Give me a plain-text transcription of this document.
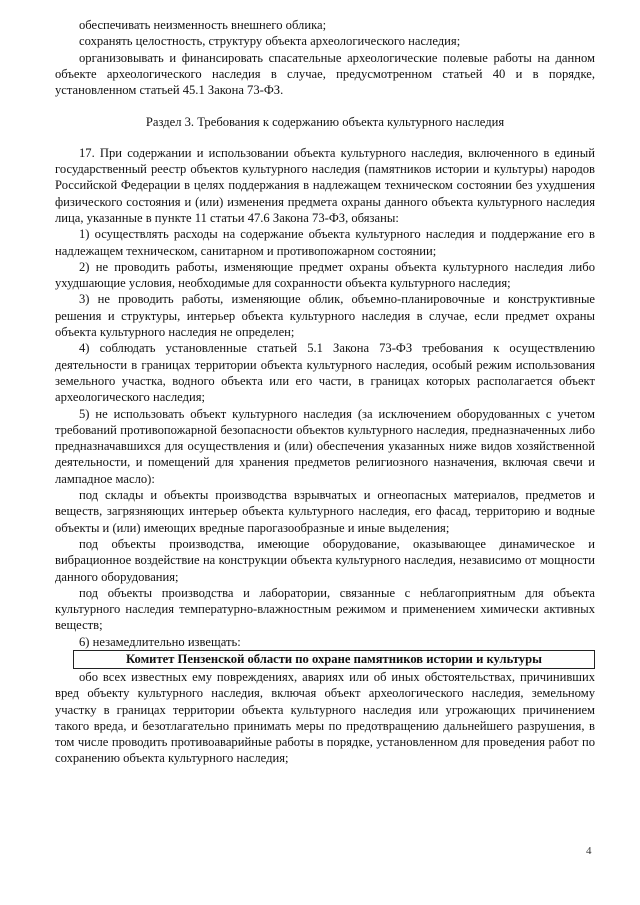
обеспечивать неизменность внешнего облика;

сохранять целостность, структуру объекта археологического наследия;

организовывать и финансировать спасательные археологические полевые работы на данном объекте археологического наследия в случае, предусмотренном статьей 40 и в порядке, установленном статьей 45.1 Закона 73-ФЗ.

Раздел 3. Требования к содержанию объекта культурного наследия

17. При содержании и использовании объекта культурного наследия, включенного в единый государственный реестр объектов культурного наследия (памятников истории и культуры) народов Российской Федерации в целях поддержания в надлежащем техническом состоянии без ухудшения физического состояния и (или) изменения предмета охраны данного объекта культурного наследия лица, указанные в пункте 11 статьи 47.6 Закона 73-ФЗ, обязаны:

1) осуществлять расходы на содержание объекта культурного наследия и поддержание его в надлежащем техническом, санитарном и противопожарном состоянии;

2) не проводить работы, изменяющие предмет охраны объекта культурного наследия либо ухудшающие условия, необходимые для сохранности объекта культурного наследия;

3) не проводить работы, изменяющие облик, объемно-планировочные и конструктивные решения и структуры, интерьер объекта культурного наследия в случае, если предмет охраны объекта культурного наследия не определен;

4) соблюдать установленные статьей 5.1 Закона 73-ФЗ требования к осуществлению деятельности в границах территории объекта культурного наследия, особый режим использования земельного участка, водного объекта или его части, в границах которых располагается объект археологического наследия;

5) не использовать объект культурного наследия (за исключением оборудованных с учетом требований противопожарной безопасности объектов культурного наследия, предназначенных либо предназначавшихся для осуществления и (или) обеспечения указанных ниже видов хозяйственной деятельности, и помещений для хранения предметов религиозного назначения, включая свечи и лампадное масло):

под склады и объекты производства взрывчатых и огнеопасных материалов, предметов и веществ, загрязняющих интерьер объекта культурного наследия, его фасад, территорию и водные объекты и (или) имеющих вредные парогазообразные и иные выделения;

под объекты производства, имеющие оборудование, оказывающее динамическое и вибрационное воздействие на конструкции объекта культурного наследия, независимо от мощности данного оборудования;

под объекты производства и лаборатории, связанные с неблагоприятным для объекта культурного наследия температурно-влажностным режимом и применением химически активных веществ;

6) незамедлительно извещать:

Комитет Пензенской области по охране памятников истории и культуры

обо всех известных ему повреждениях, авариях или об иных обстоятельствах, причинивших вред объекту культурного наследия, включая объект археологического наследия, земельному участку в границах территории объекта культурного наследия или угрожающих причинением такого вреда, и безотлагательно принимать меры по предотвращению дальнейшего разрушения, в том числе проводить противоаварийные работы в порядке, установленном для проведения работ по сохранению объекта культурного наследия;

4
